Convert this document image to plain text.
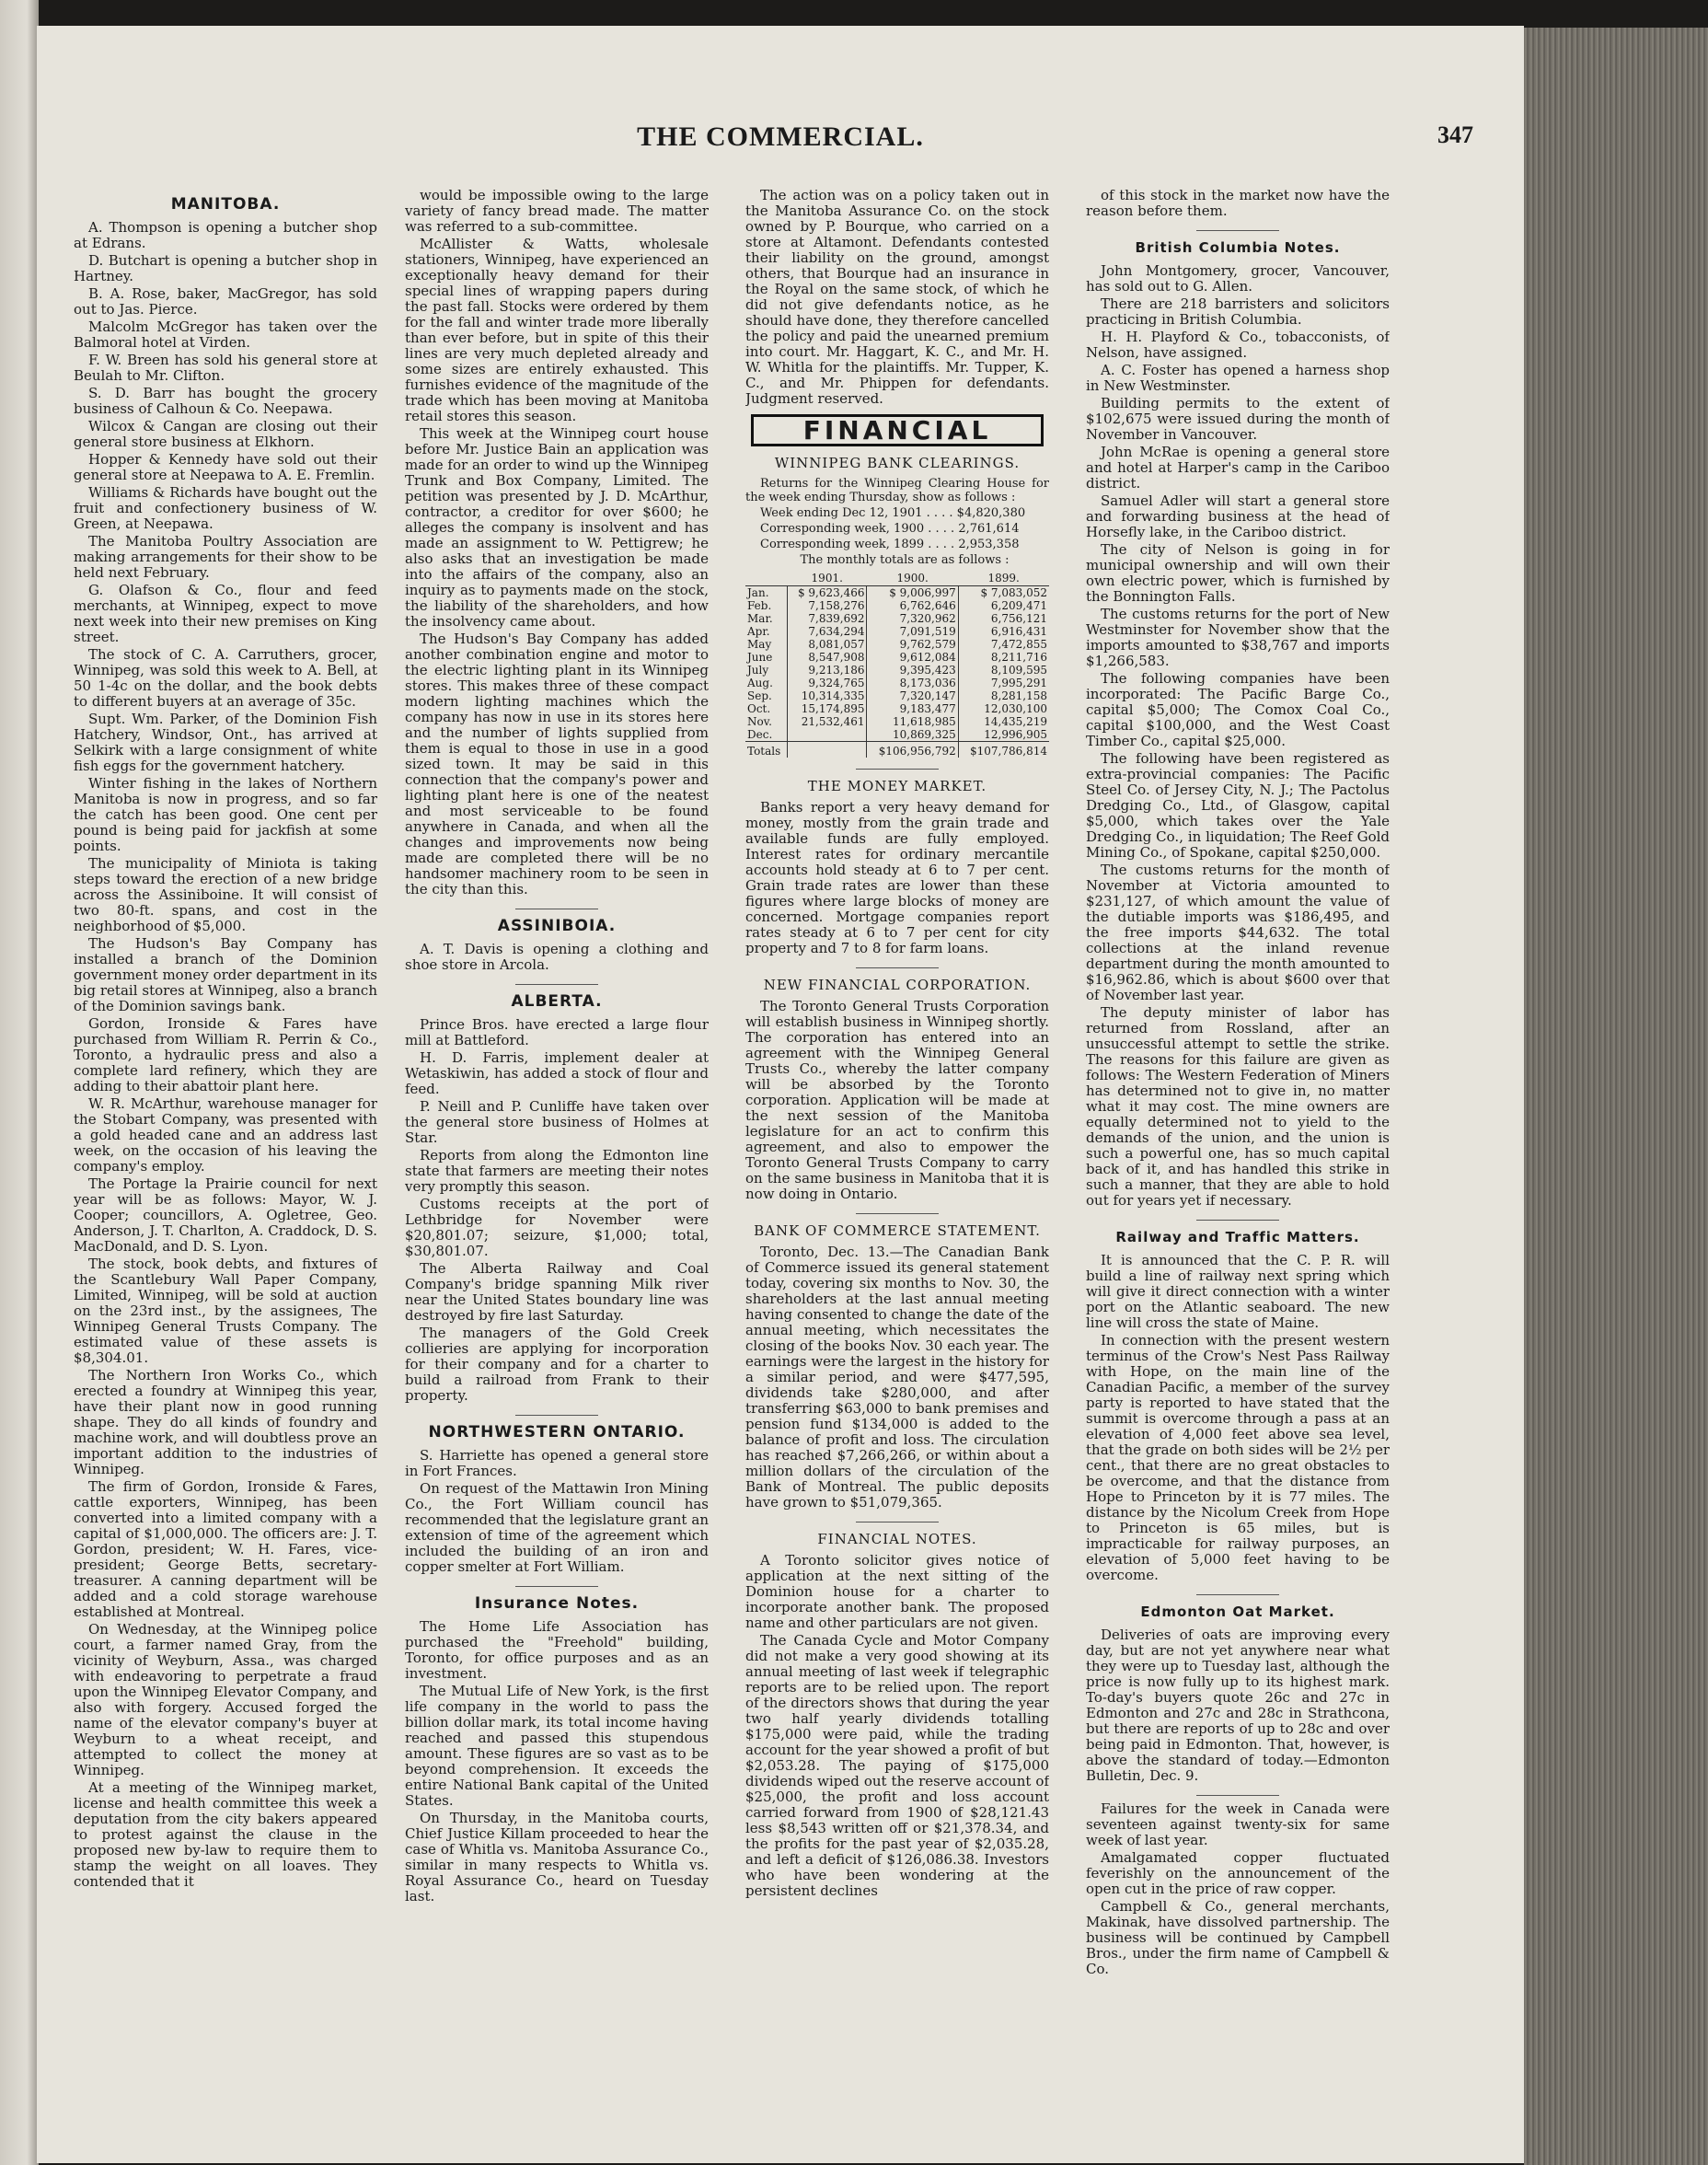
THE COMMERCIAL.	347
MANITOBA.

A. Thompson is opening a butcher shop at Edrans.

D. Butchart is opening a butcher shop in Hartney.

B. A. Rose, baker, MacGregor, has sold out to Jas. Pierce.

Malcolm McGregor has taken over the Balmoral hotel at Virden.

F. W. Breen has sold his general store at Beulah to Mr. Clifton.

S. D. Barr has bought the grocery business of Calhoun & Co. Neepawa.

Wilcox & Cangan are closing out their general store business at Elkhorn.

Hopper & Kennedy have sold out their general store at Neepawa to A. E. Fremlin.

Williams & Richards have bought out the fruit and confectionery business of W. Green, at Neepawa.

The Manitoba Poultry Association are making arrangements for their show to be held next February.

G. Olafson & Co., flour and feed merchants, at Winnipeg, expect to move next week into their new premises on King street.

The stock of C. A. Carruthers, grocer, Winnipeg, was sold this week to A. Bell, at 50 1-4c on the dollar, and the book debts to different buyers at an average of 35c.

Supt. Wm. Parker, of the Dominion Fish Hatchery, Windsor, Ont., has arrived at Selkirk with a large consignment of white fish eggs for the government hatchery.

Winter fishing in the lakes of Northern Manitoba is now in progress, and so far the catch has been good. One cent per pound is being paid for jackfish at some points.

The municipality of Miniota is taking steps toward the erection of a new bridge across the Assiniboine. It will consist of two 80-ft. spans, and cost in the neighborhood of $5,000.

The Hudson's Bay Company has installed a branch of the Dominion government money order department in its big retail stores at Winnipeg, also a branch of the Dominion savings bank.

Gordon, Ironside & Fares have purchased from William R. Perrin & Co., Toronto, a hydraulic press and also a complete lard refinery, which they are adding to their abattoir plant here.

W. R. McArthur, warehouse manager for the Stobart Company, was presented with a gold headed cane and an address last week, on the occasion of his leaving the company's employ.

The Portage la Prairie council for next year will be as follows: Mayor, W. J. Cooper; councillors, A. Ogletree, Geo. Anderson, J. T. Charlton, A. Craddock, D. S. MacDonald, and D. S. Lyon.

The stock, book debts, and fixtures of the Scantlebury Wall Paper Company, Limited, Winnipeg, will be sold at auction on the 23rd inst., by the assignees, The Winnipeg General Trusts Company. The estimated value of these assets is $8,304.01.

The Northern Iron Works Co., which erected a foundry at Winnipeg this year, have their plant now in good running shape. They do all kinds of foundry and machine work, and will doubtless prove an important addition to the industries of Winnipeg.

The firm of Gordon, Ironside & Fares, cattle exporters, Winnipeg, has been converted into a limited company with a capital of $1,000,000. The officers are: J. T. Gordon, president; W. H. Fares, vice-president; George Betts, secretary-treasurer. A canning department will be added and a cold storage warehouse established at Montreal.

On Wednesday, at the Winnipeg police court, a farmer named Gray, from the vicinity of Weyburn, Assa., was charged with endeavoring to perpetrate a fraud upon the Winnipeg Elevator Company, and also with forgery. Accused forged the name of the elevator company's buyer at Weyburn to a wheat receipt, and attempted to collect the money at Winnipeg.

At a meeting of the Winnipeg market, license and health committee this week a deputation from the city bakers appeared to protest against the clause in the proposed new by-law to require them to stamp the weight on all loaves. They contended that it

would be impossible owing to the large variety of fancy bread made. The matter was referred to a sub-committee.

McAllister & Watts, wholesale stationers, Winnipeg, have experienced an exceptionally heavy demand for their special lines of wrapping papers during the past fall. Stocks were ordered by them for the fall and winter trade more liberally than ever before, but in spite of this their lines are very much depleted already and some sizes are entirely exhausted. This furnishes evidence of the magnitude of the trade which has been moving at Manitoba retail stores this season.

This week at the Winnipeg court house before Mr. Justice Bain an application was made for an order to wind up the Winnipeg Trunk and Box Company, Limited. The petition was presented by J. D. McArthur, contractor, a creditor for over $600; he alleges the company is insolvent and has made an assignment to W. Pettigrew; he also asks that an investigation be made into the affairs of the company, also an inquiry as to payments made on the stock, the liability of the shareholders, and how the insolvency came about.

The Hudson's Bay Company has added another combination engine and motor to the electric lighting plant in its Winnipeg stores. This makes three of these compact modern lighting machines which the company has now in use in its stores here and the number of lights supplied from them is equal to those in use in a good sized town. It may be said in this connection that the company's power and lighting plant here is one of the neatest and most serviceable to be found anywhere in Canada, and when all the changes and improvements now being made are completed there will be no handsomer machinery room to be seen in the city than this.

ASSINIBOIA.

A. T. Davis is opening a clothing and shoe store in Arcola.

ALBERTA.

Prince Bros. have erected a large flour mill at Battleford.

H. D. Farris, implement dealer at Wetaskiwin, has added a stock of flour and feed.

P. Neill and P. Cunliffe have taken over the general store business of Holmes at Star.

Reports from along the Edmonton line state that farmers are meeting their notes very promptly this season.

Customs receipts at the port of Lethbridge for November were $20,801.07; seizure, $1,000; total, $30,801.07.

The Alberta Railway and Coal Company's bridge spanning Milk river near the United States boundary line was destroyed by fire last Saturday.

The managers of the Gold Creek collieries are applying for incorporation for their company and for a charter to build a railroad from Frank to their property.

NORTHWESTERN ONTARIO.

S. Harriette has opened a general store in Fort Frances.

On request of the Mattawin Iron Mining Co., the Fort William council has recommended that the legislature grant an extension of time of the agreement which included the building of an iron and copper smelter at Fort William.

Insurance Notes.

The Home Life Association has purchased the "Freehold" building, Toronto, for office purposes and as an investment.

The Mutual Life of New York, is the first life company in the world to pass the billion dollar mark, its total income having reached and passed this stupendous amount. These figures are so vast as to be beyond comprehension. It exceeds the entire National Bank capital of the United States.

On Thursday, in the Manitoba courts, Chief Justice Killam proceeded to hear the case of Whitla vs. Manitoba Assurance Co., similar in many respects to Whitla vs. Royal Assurance Co., heard on Tuesday last.

The action was on a policy taken out in the Manitoba Assurance Co. on the stock owned by P. Bourque, who carried on a store at Altamont. Defendants contested their liability on the ground, amongst others, that Bourque had an insurance in the Royal on the same stock, of which he did not give defendants notice, as he should have done, they therefore cancelled the policy and paid the unearned premium into court. Mr. Haggart, K. C., and Mr. H. W. Whitla for the plaintiffs. Mr. Tupper, K. C., and Mr. Phippen for defendants. Judgment reserved.

FINANCIAL
WINNIPEG BANK CLEARINGS.

Returns for the Winnipeg Clearing House for the week ending Thursday, show as follows :

Week ending Dec 12, 1901 . . . . $4,820,380

Corresponding week, 1900 . . . . 2,761,614

Corresponding week, 1899 . . . . 2,953,358

The monthly totals are as follows :

	1901.	1900.	1899.
Jan.	$ 9,623,466	$ 9,006,997	$ 7,083,052
Feb.	7,158,276	6,762,646	6,209,471
Mar.	7,839,692	7,320,962	6,756,121
Apr.	7,634,294	7,091,519	6,916,431
May	8,081,057	9,762,579	7,472,855
June	8,547,908	9,612,084	8,211,716
July	9,213,186	9,395,423	8,109,595
Aug.	9,324,765	8,173,036	7,995,291
Sep.	10,314,335	7,320,147	8,281,158
Oct.	15,174,895	9,183,477	12,030,100
Nov.	21,532,461	11,618,985	14,435,219
Dec.		10,869,325	12,996,905
Totals		$106,956,792	$107,786,814
THE MONEY MARKET.

Banks report a very heavy demand for money, mostly from the grain trade and available funds are fully employed. Interest rates for ordinary mercantile accounts hold steady at 6 to 7 per cent. Grain trade rates are lower than these figures where large blocks of money are concerned. Mortgage companies report rates steady at 6 to 7 per cent for city property and 7 to 8 for farm loans.

NEW FINANCIAL CORPORATION.

The Toronto General Trusts Corporation will establish business in Winnipeg shortly. The corporation has entered into an agreement with the Winnipeg General Trusts Co., whereby the latter company will be absorbed by the Toronto corporation. Application will be made at the next session of the Manitoba legislature for an act to confirm this agreement, and also to empower the Toronto General Trusts Company to carry on the same business in Manitoba that it is now doing in Ontario.

BANK OF COMMERCE STATEMENT.

Toronto, Dec. 13.—The Canadian Bank of Commerce issued its general statement today, covering six months to Nov. 30, the shareholders at the last annual meeting having consented to change the date of the annual meeting, which necessitates the closing of the books Nov. 30 each year. The earnings were the largest in the history for a similar period, and were $477,595, dividends take $280,000, and after transferring $63,000 to bank premises and pension fund $134,000 is added to the balance of profit and loss. The circulation has reached $7,266,266, or within about a million dollars of the circulation of the Bank of Montreal. The public deposits have grown to $51,079,365.

FINANCIAL NOTES.

A Toronto solicitor gives notice of application at the next sitting of the Dominion house for a charter to incorporate another bank. The proposed name and other particulars are not given.

The Canada Cycle and Motor Company did not make a very good showing at its annual meeting of last week if telegraphic reports are to be relied upon. The report of the directors shows that during the year two half yearly dividends totalling $175,000 were paid, while the trading account for the year showed a profit of but $2,053.28. The paying of $175,000 dividends wiped out the reserve account of $25,000, the profit and loss account carried forward from 1900 of $28,121.43 less $8,543 written off or $21,378.34, and the profits for the past year of $2,035.28, and left a deficit of $126,086.38. Investors who have been wondering at the persistent declines

of this stock in the market now have the reason before them.

British Columbia Notes.

John Montgomery, grocer, Vancouver, has sold out to G. Allen.

There are 218 barristers and solicitors practicing in British Columbia.

H. H. Playford & Co., tobacconists, of Nelson, have assigned.

A. C. Foster has opened a harness shop in New Westminster.

Building permits to the extent of $102,675 were issued during the month of November in Vancouver.

John McRae is opening a general store and hotel at Harper's camp in the Cariboo district.

Samuel Adler will start a general store and forwarding business at the head of Horsefly lake, in the Cariboo district.

The city of Nelson is going in for municipal ownership and will own their own electric power, which is furnished by the Bonnington Falls.

The customs returns for the port of New Westminster for November show that the imports amounted to $38,767 and imports $1,266,583.

The following companies have been incorporated: The Pacific Barge Co., capital $5,000; The Comox Coal Co., capital $100,000, and the West Coast Timber Co., capital $25,000.

The following have been registered as extra-provincial companies: The Pacific Steel Co. of Jersey City, N. J.; The Pactolus Dredging Co., Ltd., of Glasgow, capital $5,000, which takes over the Yale Dredging Co., in liquidation; The Reef Gold Mining Co., of Spokane, capital $250,000.

The customs returns for the month of November at Victoria amounted to $231,127, of which amount the value of the dutiable imports was $186,495, and the free imports $44,632. The total collections at the inland revenue department during the month amounted to $16,962.86, which is about $600 over that of November last year.

The deputy minister of labor has returned from Rossland, after an unsuccessful attempt to settle the strike. The reasons for this failure are given as follows: The Western Federation of Miners has determined not to give in, no matter what it may cost. The mine owners are equally determined not to yield to the demands of the union, and the union is such a powerful one, has so much capital back of it, and has handled this strike in such a manner, that they are able to hold out for years yet if necessary.

Railway and Traffic Matters.

It is announced that the C. P. R. will build a line of railway next spring which will give it direct connection with a winter port on the Atlantic seaboard. The new line will cross the state of Maine.

In connection with the present western terminus of the Crow's Nest Pass Railway with Hope, on the main line of the Canadian Pacific, a member of the survey party is reported to have stated that the summit is overcome through a pass at an elevation of 4,000 feet above sea level, that the grade on both sides will be 2½ per cent., that there are no great obstacles to be overcome, and that the distance from Hope to Princeton by it is 77 miles. The distance by the Nicolum Creek from Hope to Princeton is 65 miles, but is impracticable for railway purposes, an elevation of 5,000 feet having to be overcome.

Edmonton Oat Market.

Deliveries of oats are improving every day, but are not yet anywhere near what they were up to Tuesday last, although the price is now fully up to its highest mark. To-day's buyers quote 26c and 27c in Edmonton and 27c and 28c in Strathcona, but there are reports of up to 28c and over being paid in Edmonton. That, however, is above the standard of today.—Edmonton Bulletin, Dec. 9.

Failures for the week in Canada were seventeen against twenty-six for same week of last year.

Amalgamated copper fluctuated feverishly on the announcement of the open cut in the price of raw copper.

Campbell & Co., general merchants, Makinak, have dissolved partnership. The business will be continued by Campbell Bros., under the firm name of Campbell & Co.
